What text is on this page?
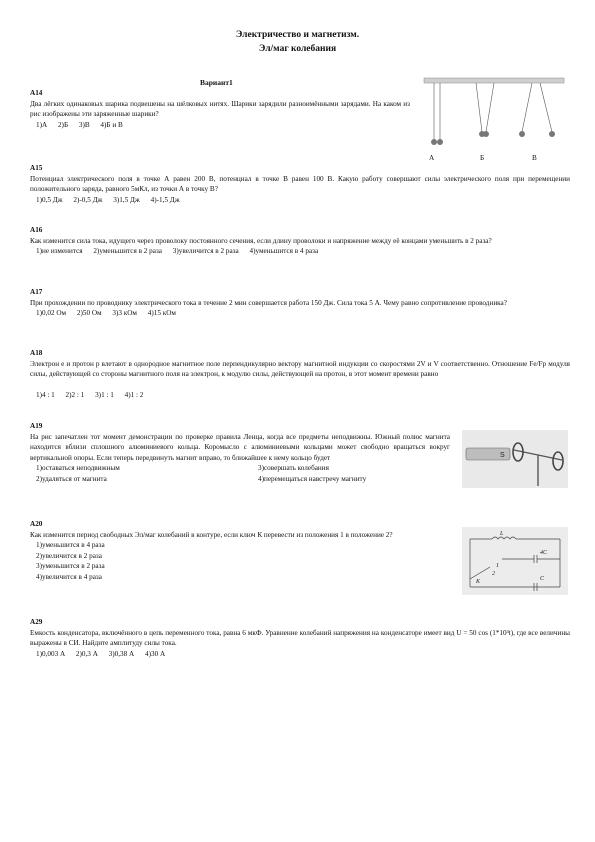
Электричество и магнетизм.
Эл/маг колебания
Вариант1
A14
Два лёгких одинаковых шарика подвешены на шёлковых нитях. Шарики зарядили разноимёнными зарядами. На каком из рис изображены эти заряженные шарики?
1)А      2)Б      3)В      4)Б и В
А	Б	В
A15
Потенциал электрического поля в точке А равен 200 В, потенциал в точке В равен 100 В. Какую работу совершают силы электрического поля при перемещении положительного заряда, равного 5мКл, из точки А в точку В?
1)0,5 Дж      2)-0,5 Дж      3)1,5 Дж      4)-1,5 Дж
A16
Как изменится сила тока, идущего через проволоку постоянного сечения, если длину проволоки и напряжение между её концами уменьшить в 2 раза?
1)не изменится      2)уменьшится в 2 раза      3)увеличится в 2 раза      4)уменьшится в 4 раза
A17
При прохождении по проводнику электрического тока в течение 2 мин совершается работа 150 Дж. Сила тока 5 А. Чему равно сопротивление проводника?
1)0,02 Ом      2)50 Ом      3)3 кОм      4)15 кОм
A18
Электрон e и протон p влетают в однородное магнитное поле перпендикулярно вектору магнитной индукции со скоростями 2V и V соответственно. Отношение Fe/Fp модуля силы, действующей со стороны магнитного поля на электрон, к модулю силы, действующей на протон, в этот момент времени равно
1)4 : 1      2)2 : 1      3)1 : 1      4)1 : 2
A19
На рис запечатлен тот момент демонстрации по проверке правила Ленца, когда все предметы неподвижны. Южный полюс магнита находится вблизи сплошного алюминиевого кольца. Коромысло с алюминиевыми кольцами может свободно вращаться вокруг вертикальной опоры. Если теперь передвинуть магнит вправо, то ближайшее к нему кольцо будет
1)оставаться неподвижным	3)совершать колебания
2)удаляться от магнита	4)перемещаться навстречу магниту
S
A20
Как изменится период свободных Эл/маг колебаний в контуре, если ключ К перевести из положения 1 в положение 2?
1)уменьшится в 4 раза
2)увеличится в 2 раза
3)уменьшится в 2 раза
4)увеличится в 4 раза
L
4C
C
1
2
K
A29
Емкость конденсатора, включённого в цепь переменного тока, равна 6 мкФ. Уравнение колебаний напряжения на конденсаторе имеет вид U = 50 cos (1*10³t), где все величины выражены в СИ. Найдите амплитуду силы тока.
1)0,003 А      2)0,3 А      3)0,38 А      4)30 А
